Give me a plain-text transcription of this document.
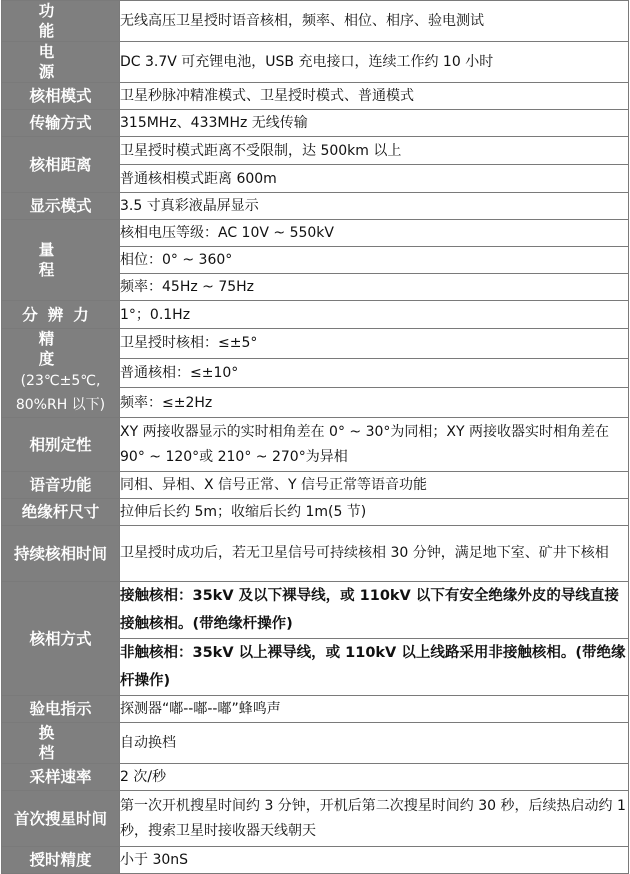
功 能	无线高压卫星授时语音核相，频率、相位、相序、验电测试
电 源	DC 3.7V 可充锂电池，USB 充电接口，连续工作约 10 小时
核相模式	卫星秒脉冲精准模式、卫星授时模式、普通模式
传输方式	315MHz、433MHz 无线传输
核相距离	卫星授时模式距离不受限制，达 500km 以上
	普通核相模式距离 600m
显示模式	3.5 寸真彩液晶屏显示
量 程	核相电压等级：AC 10V ~ 550kV
	相位：0° ~ 360°
	频率：45Hz ~ 75Hz
分辨力	1°；0.1Hz
精 度
(23℃±5℃,
80%RH 以下)	卫星授时核相：≤±5°
	普通核相：≤±10°
	频率：≤±2Hz
相别定性	XY 两接收器显示的实时相角差在 0° ~ 30°为同相；XY 两接收器实时相角差在 90° ~ 120°或 210° ~ 270°为异相
语音功能	同相、异相、X 信号正常、Y 信号正常等语音功能
绝缘杆尺寸	拉伸后长约 5m；收缩后长约 1m(5 节)
持续核相时间	卫星授时成功后，若无卫星信号可持续核相 30 分钟，满足地下室、矿井下核相
核相方式	接触核相：35kV 及以下裸导线，或 110kV 以下有安全绝缘外皮的导线直接接触核相。(带绝缘杆操作)
	非触核相：35kV 以上裸导线，或 110kV 以上线路采用非接触核相。(带绝缘杆操作)
验电指示	探测器“嘟--嘟--嘟”蜂鸣声
换 档	自动换档
采样速率	2 次/秒
首次搜星时间	第一次开机搜星时间约 3 分钟，开机后第二次搜星时间约 30 秒，后续热启动约 1 秒，搜索卫星时接收器天线朝天
授时精度	小于 30nS
